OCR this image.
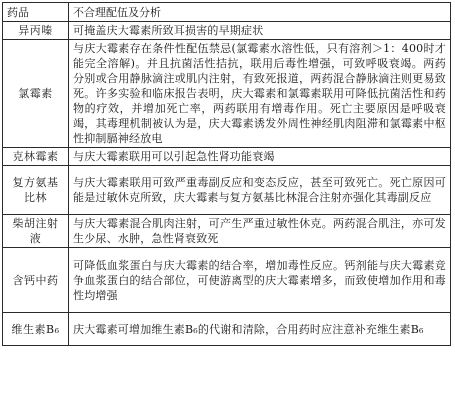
药品	不合理配伍及分析
异丙嗪	可掩盖庆大霉素所致耳损害的早期症状
氯霉素	与庆大霉素存在条件性配伍禁忌(氯霉素水溶性低，只有溶剂＞1：400时才能完全溶解)。并且抗菌活性拮抗，联用后毒性增强，可致呼吸衰竭。两药分别或合用静脉滴注或肌内注射，有致死报道，两药混合静脉滴注则更易致死。许多实验和临床报告表明，庆大霉素和氯霉素联用可降低抗菌活性和药物的疗效，并增加死亡率，两药联用有增毒作用。死亡主要原因是呼吸衰竭，其毒理机制被认为是，庆大霉素诱发外周性神经肌肉阻滞和氯霉素中枢性抑制膈神经放电
克林霉素	与庆大霉素联用可以引起急性肾功能衰竭
复方氨基比林	与庆大霉素联用可致严重毒副反应和变态反应，甚至可致死亡。死亡原因可能是过敏休克所致，庆大霉素与复方氨基比林混合注射亦强化其毒副反应
柴胡注射液	与庆大霉素混合肌肉注射，可产生严重过敏性休克。两药混合肌注，亦可发生少尿、水肿，急性肾衰致死
含钙中药	可降低血浆蛋白与庆大霉素的结合率，增加毒性反应。钙剂能与庆大霉素竞争血浆蛋白的结合部位，可使游离型的庆大霉素增多，而致使增加作用和毒性均增强
维生素B₆	庆大霉素可增加维生素B₆的代谢和清除，合用药时应注意补充维生素B₆
